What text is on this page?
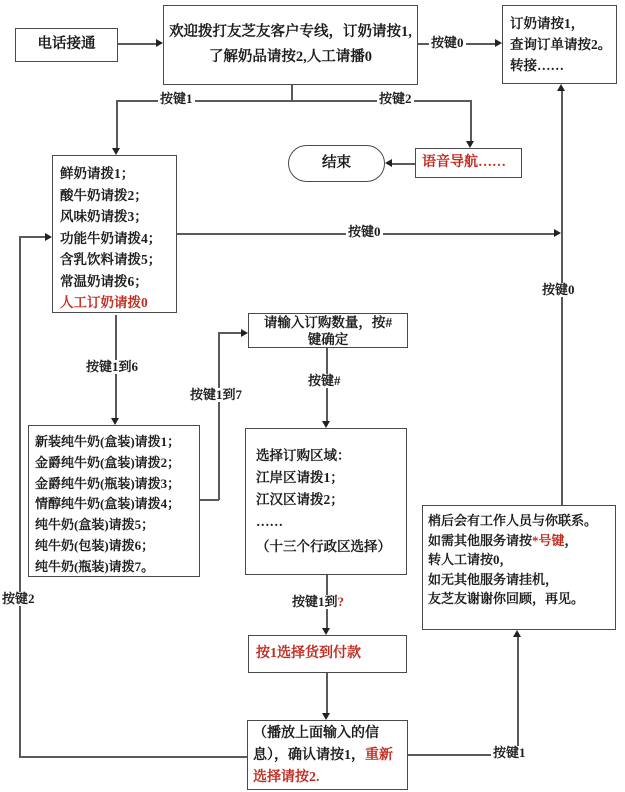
按键0
按键1	按键2
按键0
按键0
按键2
按键1到6
按键1到7
按键#
按键1到?
按键1
电话接通
欢迎拨打友芝友客户专线，订奶请按1,
了解奶品请按2,人工请播0
订奶请按1，
查询订单请按2。
转接……
结束	语音导航……
鲜奶请拨1；
酸牛奶请拨2；
风味奶请拨3；
功能牛奶请拨4；
含乳饮料请拨5；
常温奶请拨6；
人工订奶请拨0
新装纯牛奶(盒装)请拨1；
金爵纯牛奶(盒装)请拨2；
金爵纯牛奶(瓶装)请拨3；
情醇纯牛奶(盒装)请拨4；
纯牛奶(盒装)请拨5；
纯牛奶(包装)请拨6；
纯牛奶(瓶装)请拨7。
请输入订购数量，按#
键确定
选择订购区域：
江岸区请拨1；
江汉区请拨2；
……
（十三个行政区选择）
梢后会有工作人员与你联系。
如需其他服务请按*号键，
转人工请按0，
如无其他服务请挂机，
友芝友谢谢你回顾，再见。
按1选择货到付款
（播放上面输入的信息），确认请按1，重新选择请按2.
